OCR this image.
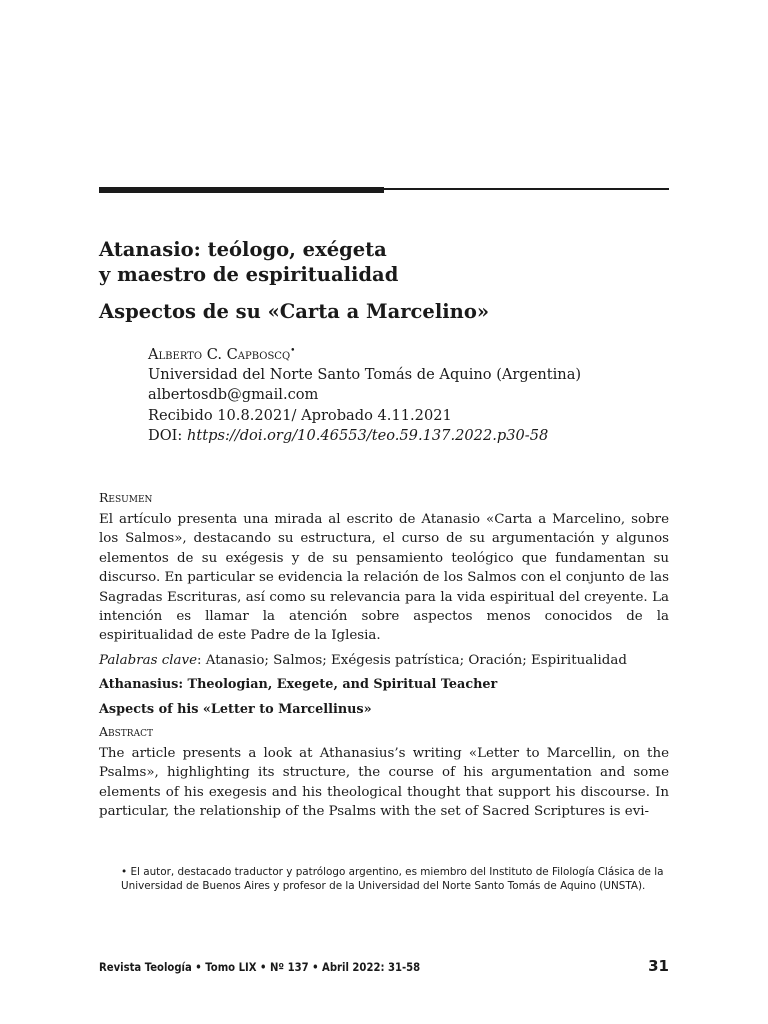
Atanasio: teólogo, exégeta
y maestro de espiritualidad
Aspectos de su «Carta a Marcelino»
Alberto C. Capboscq•
Universidad del Norte Santo Tomás de Aquino (Argentina)
albertosdb@gmail.com
Recibido 10.8.2021/ Aprobado 4.11.2021
DOI: https://doi.org/10.46553/teo.59.137.2022.p30-58
Resumen

El artículo presenta una mirada al escrito de Atanasio «Carta a Marcelino, sobre los Salmos», destacando su estructura, el curso de su argumentación y algunos elementos de su exégesis y de su pensamiento teológico que fundamentan su discurso. En particular se evidencia la relación de los Salmos con el conjunto de las Sagradas Escrituras, así como su relevancia para la vida espiritual del creyente. La intención es llamar la atención sobre aspectos menos conocidos de la espiritualidad de este Padre de la Iglesia.

Palabras clave: Atanasio; Salmos; Exégesis patrística; Oración; Espiritualidad
Athanasius: Theologian, Exegete, and Spiritual Teacher
Aspects of his «Letter to Marcellinus»
Abstract

The article presents a look at Athanasius’s writing «Letter to Marcellin, on the Psalms», highlighting its structure, the course of his argumentation and some elements of his exegesis and his theological thought that support his discourse. In particular, the relationship of the Psalms with the set of Sacred Scriptures is evi-

• El autor, destacado traductor y patrólogo argentino, es miembro del Instituto de Filología Clásica de la Universidad de Buenos Aires y profesor de la Universidad del Norte Santo Tomás de Aquino (UNSTA).
Revista Teología • Tomo LIX • Nº 137 • Abril 2022: 31-58	31
